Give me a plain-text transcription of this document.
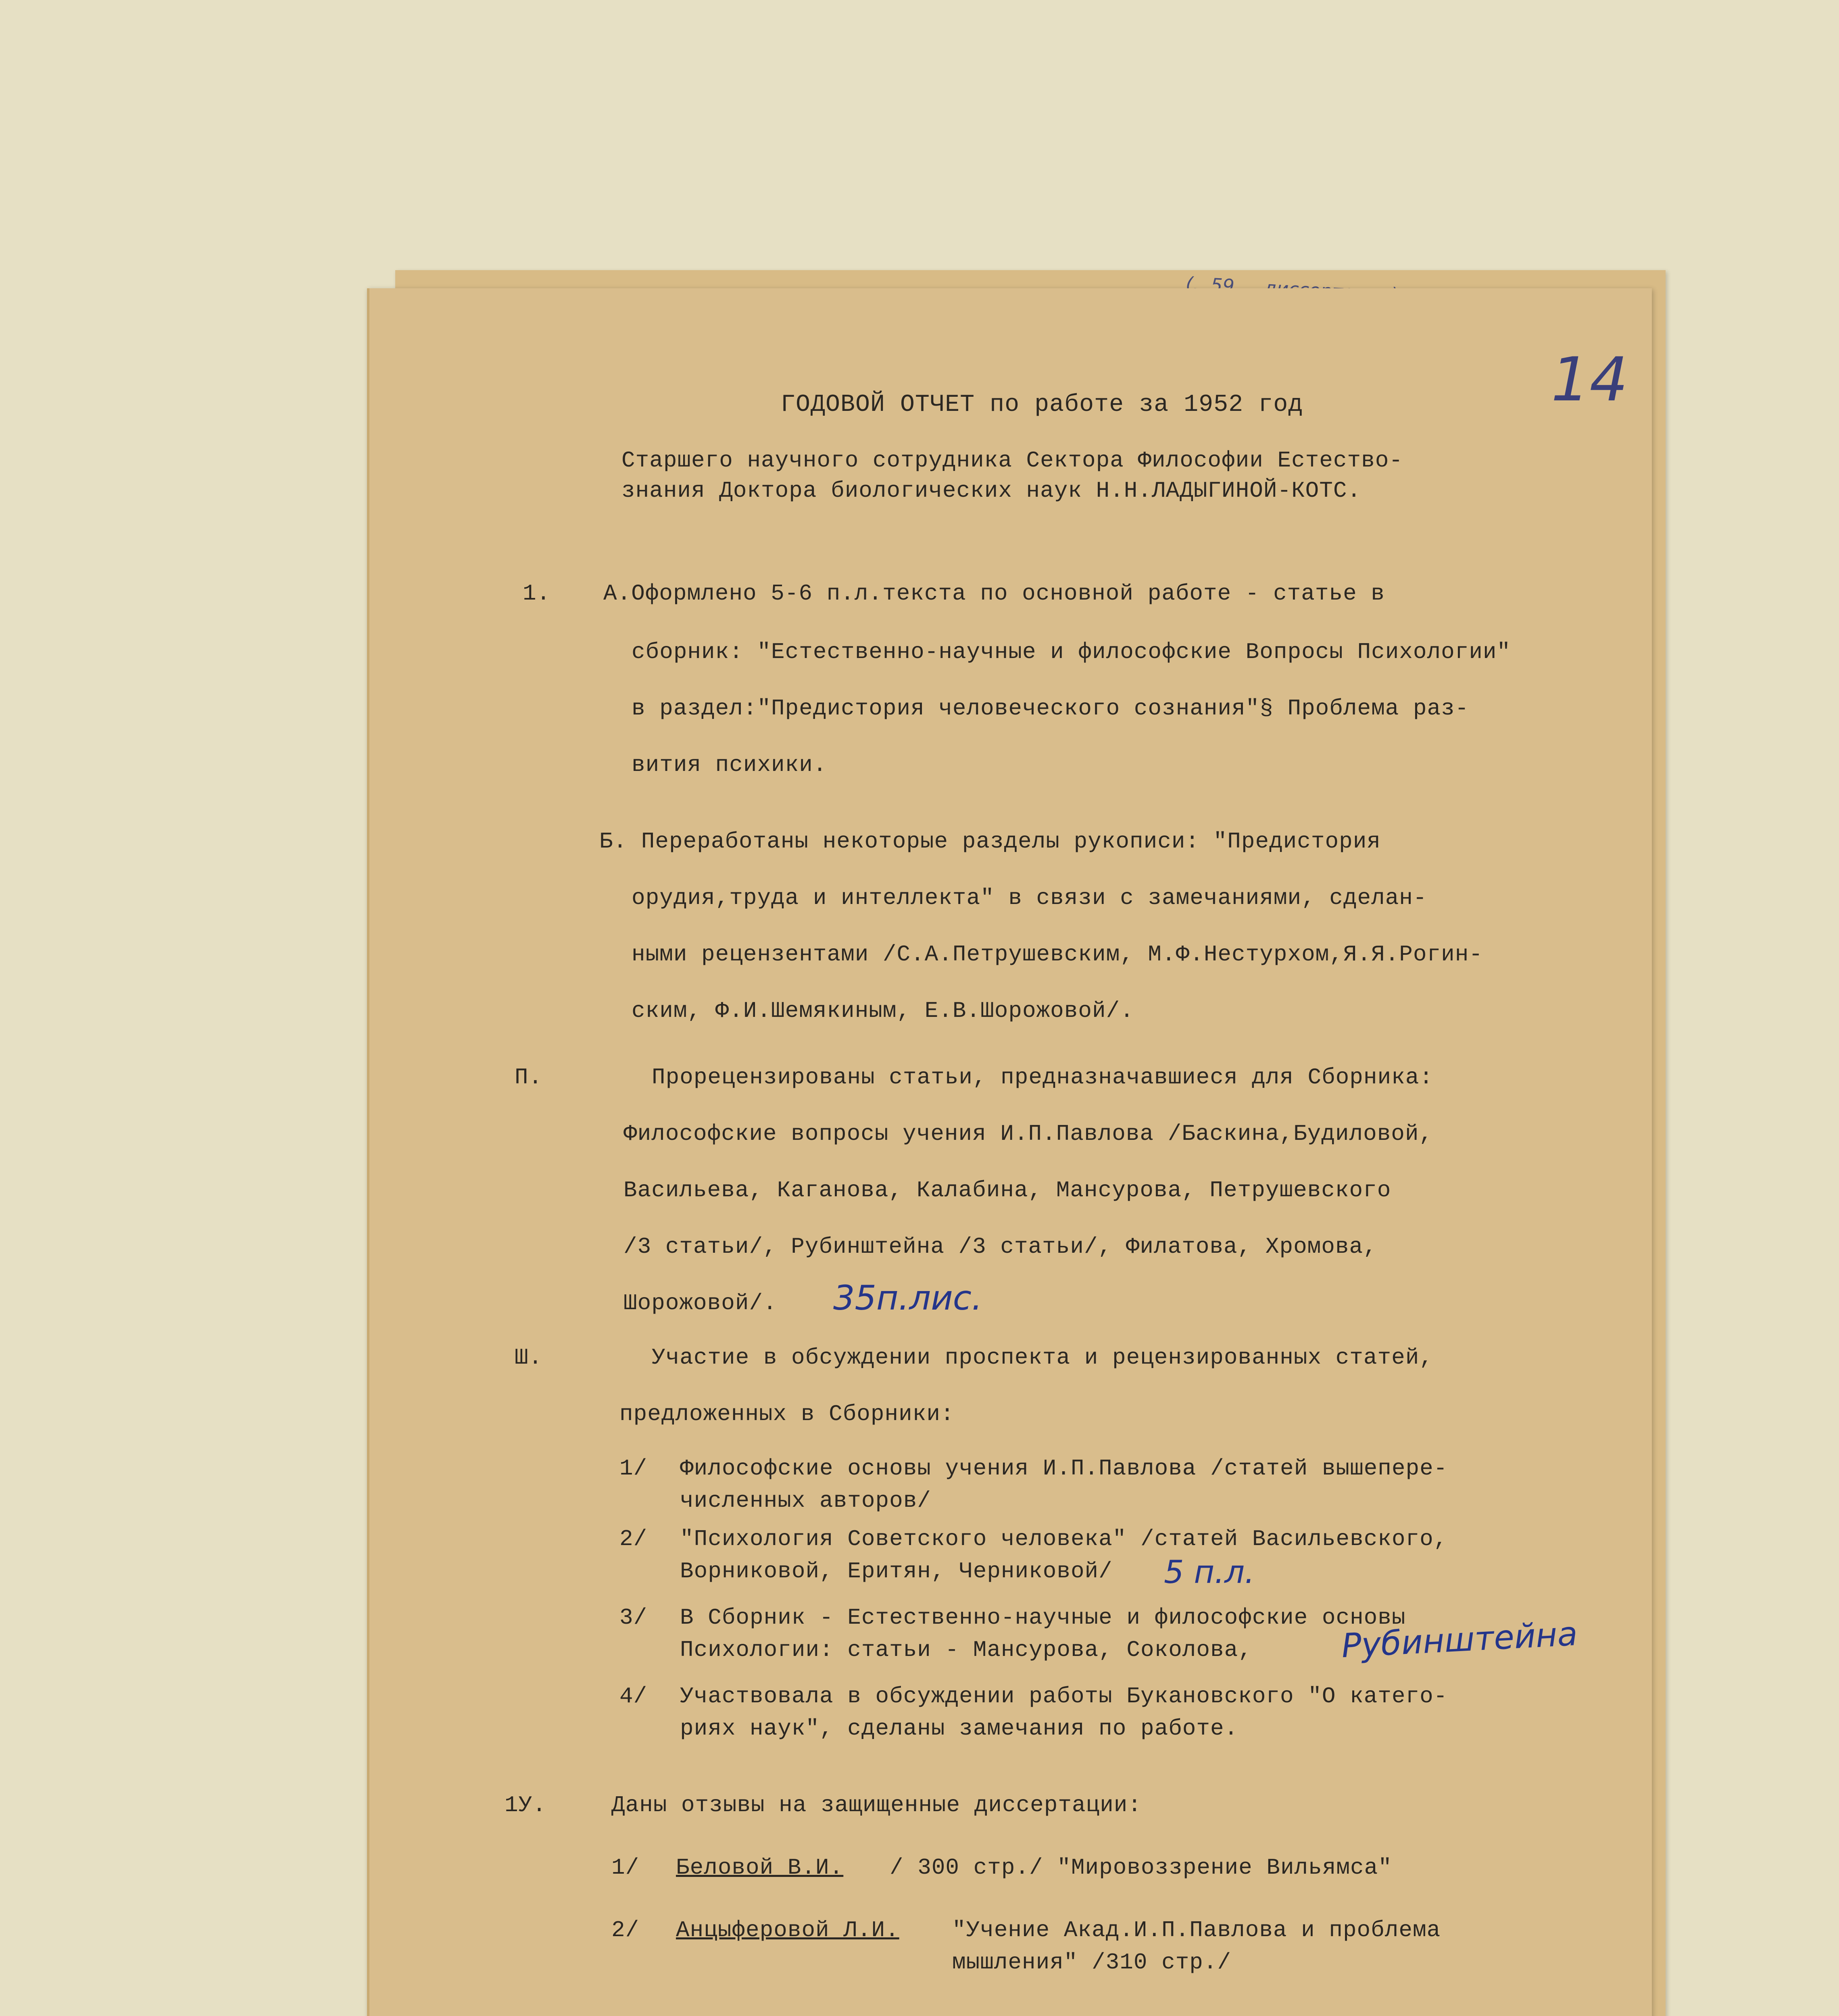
14
ГОДОВОЙ ОТЧЕТ по работе за 1952 год
Старшего научного сотрудника Сектора Философии Естество-
знания Доктора биологических наук Н.Н.ЛАДЫГИНОЙ-КОТС.
1. А.Оформлено 5-6 п.л.текста по основной работе - статье в
сборник: "Естественно-научные и философские Вопросы Психологии"
в раздел:"Предистория человеческого сознания"§ Проблема раз-
вития психики.
Б. Переработаны некоторые разделы рукописи: "Предистория
орудия,труда и интеллекта" в связи с замечаниями, сделан-
ными рецензентами /С.А.Петрушевским, М.Ф.Нестурхом,Я.Я.Рогин-
ским, Ф.И.Шемякиным, Е.В.Шорожовой/.
П.	Прорецензированы статьи, предназначавшиеся для Сборника:
Философские вопросы учения И.П.Павлова /Баскина,Будиловой,
Васильева, Каганова, Калабина, Мансурова, Петрушевского
/3 статьи/, Рубинштейна /3 статьи/, Филатова, Хромова,
Шорожовой/. 35п.лис.
Ш.	Участие в обсуждении проспекта и рецензированных статей,
предложенных в Сборники:
1/ Философские основы учения И.П.Павлова /статей вышепере-
численных авторов/
2/ "Психология Советского человека" /статей Васильевского,
Ворниковой, Еритян, Черниковой/ 5 п.л.
3/ В Сборник - Естественно-научные и философские основы
Психологии: статьи - Мансурова, Соколова,	Рубинштейна
4/ Участвовала в обсуждении работы Букановского "О катего-
риях наук", сделаны замечания по работе.
1У.	Даны отзывы на защищенные диссертации:
1/ Беловой В.И. / 300 стр./ "Мировоззрение Вильямса"
2/ Анцыферовой Л.И. "Учение Акад.И.П.Павлова и проблема
мышления" /310 стр./
